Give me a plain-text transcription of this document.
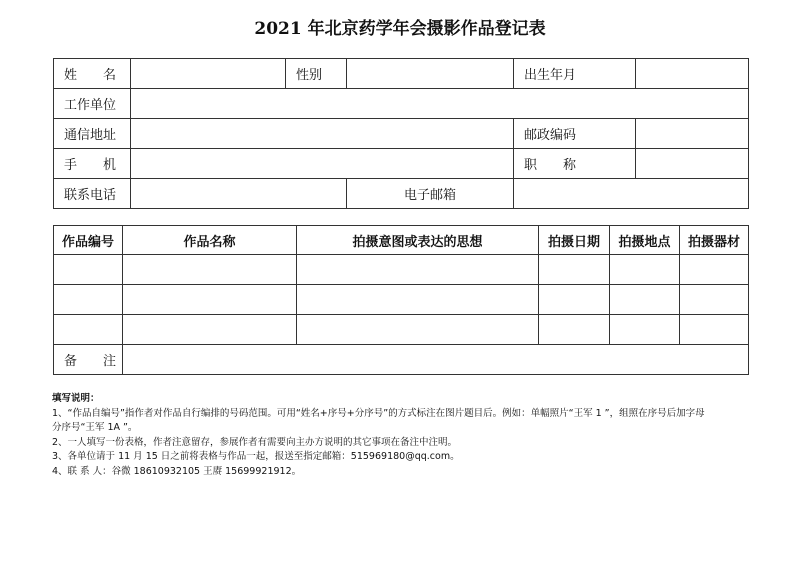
2021 年北京药学年会摄影作品登记表
姓　　名		性别		出生年月	
工作单位					
通信地址				邮政编码	
手　　机				职　　称	
联系电话			电子邮箱		
作品编号	作品名称	拍摄意图或表达的思想	拍摄日期	拍摄地点	拍摄器材

备　　注					

填写说明：

1、“作品自编号”指作者对作品自行编排的号码范围。可用“姓名+序号+分序号”的方式标注在图片题目后。例如：单幅照片“王军 1 ”，组照在序号后加字母

分序号“王军 1A ”。

2、一人填写一份表格，作者注意留存，参展作者有需要向主办方说明的其它事项在备注中注明。

3、各单位请于 11 月 15 日之前将表格与作品一起，报送至指定邮箱：515969180@qq.com。

4、联 系 人：谷微 18610932105 王赓 15699921912。
